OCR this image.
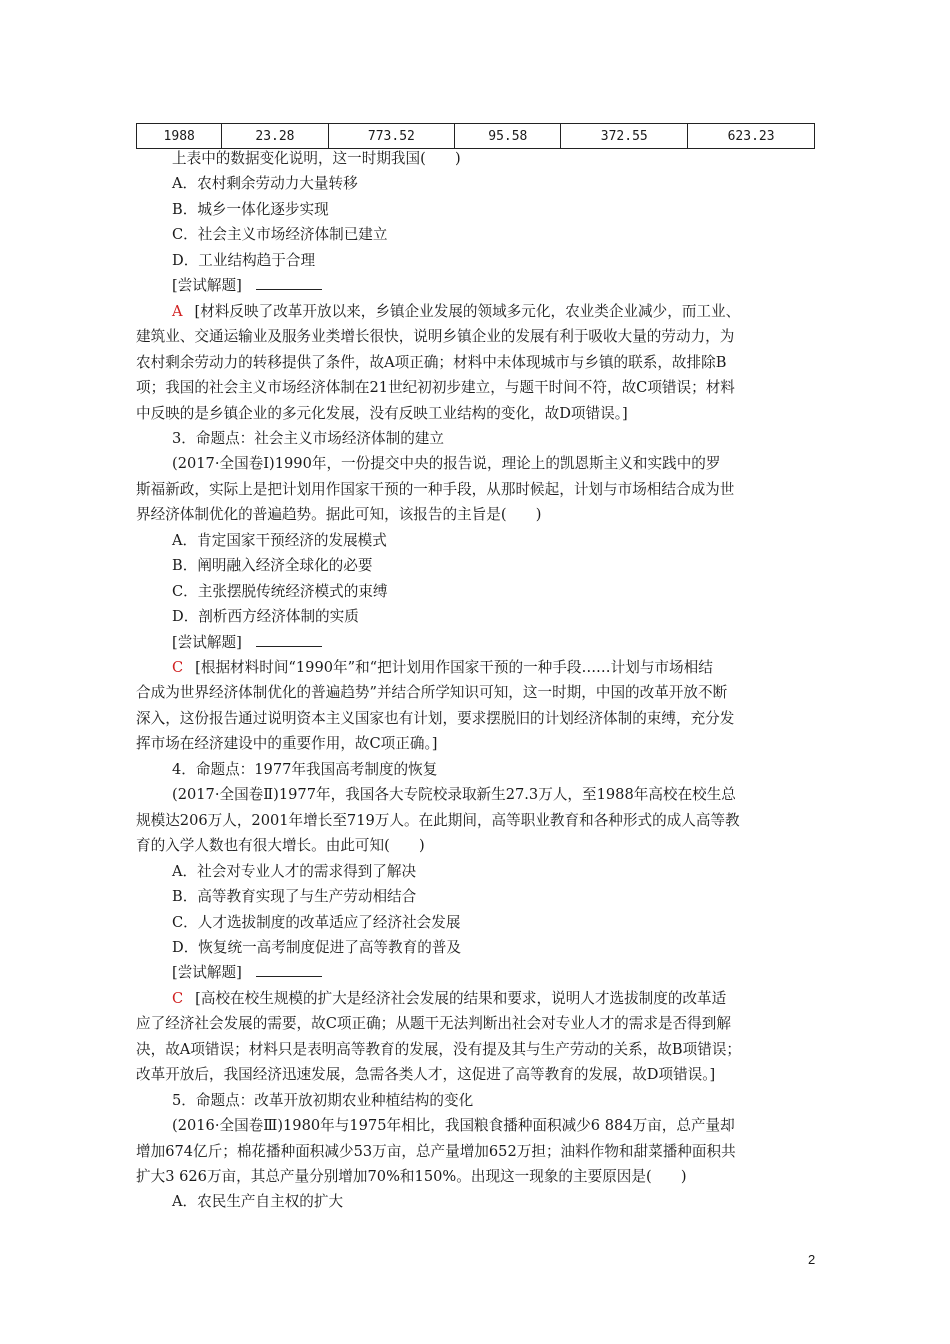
1988	23.28	773.52	95.58	372.55	623.23
上表中的数据变化说明，这一时期我国(　　)
A．农村剩余劳动力大量转移
B．城乡一体化逐步实现
C．社会主义市场经济体制已建立
D．工业结构趋于合理
[尝试解题]
A [材料反映了改革开放以来，乡镇企业发展的领域多元化，农业类企业减少，而工业、
建筑业、交通运输业及服务业类增长很快，说明乡镇企业的发展有利于吸收大量的劳动力，为
农村剩余劳动力的转移提供了条件，故A项正确；材料中未体现城市与乡镇的联系，故排除B
项；我国的社会主义市场经济体制在21世纪初初步建立，与题干时间不符，故C项错误；材料
中反映的是乡镇企业的多元化发展，没有反映工业结构的变化，故D项错误。]
3．命题点：社会主义市场经济体制的建立
(2017·全国卷Ⅰ)1990年，一份提交中央的报告说，理论上的凯恩斯主义和实践中的罗
斯福新政，实际上是把计划用作国家干预的一种手段，从那时候起，计划与市场相结合成为世
界经济体制优化的普遍趋势。据此可知，该报告的主旨是(　　)
A．肯定国家干预经济的发展模式
B．阐明融入经济全球化的必要
C．主张摆脱传统经济模式的束缚
D．剖析西方经济体制的实质
[尝试解题]
C [根据材料时间“1990年”和“把计划用作国家干预的一种手段……计划与市场相结
合成为世界经济体制优化的普遍趋势”并结合所学知识可知，这一时期，中国的改革开放不断
深入，这份报告通过说明资本主义国家也有计划，要求摆脱旧的计划经济体制的束缚，充分发
挥市场在经济建设中的重要作用，故C项正确。]
4．命题点：1977年我国高考制度的恢复
(2017·全国卷Ⅱ)1977年，我国各大专院校录取新生27.3万人，至1988年高校在校生总
规模达206万人，2001年增长至719万人。在此期间，高等职业教育和各种形式的成人高等教
育的入学人数也有很大增长。由此可知(　　)
A．社会对专业人才的需求得到了解决
B．高等教育实现了与生产劳动相结合
C．人才选拔制度的改革适应了经济社会发展
D．恢复统一高考制度促进了高等教育的普及
[尝试解题]
C [高校在校生规模的扩大是经济社会发展的结果和要求，说明人才选拔制度的改革适
应了经济社会发展的需要，故C项正确；从题干无法判断出社会对专业人才的需求是否得到解
决，故A项错误；材料只是表明高等教育的发展，没有提及其与生产劳动的关系，故B项错误；
改革开放后，我国经济迅速发展，急需各类人才，这促进了高等教育的发展，故D项错误。]
5．命题点：改革开放初期农业种植结构的变化
(2016·全国卷Ⅲ)1980年与1975年相比，我国粮食播种面积减少6 884万亩，总产量却
增加674亿斤；棉花播种面积减少53万亩，总产量增加652万担；油料作物和甜菜播种面积共
扩大3 626万亩，其总产量分别增加70%和150%。出现这一现象的主要原因是(　　)
A．农民生产自主权的扩大
2
